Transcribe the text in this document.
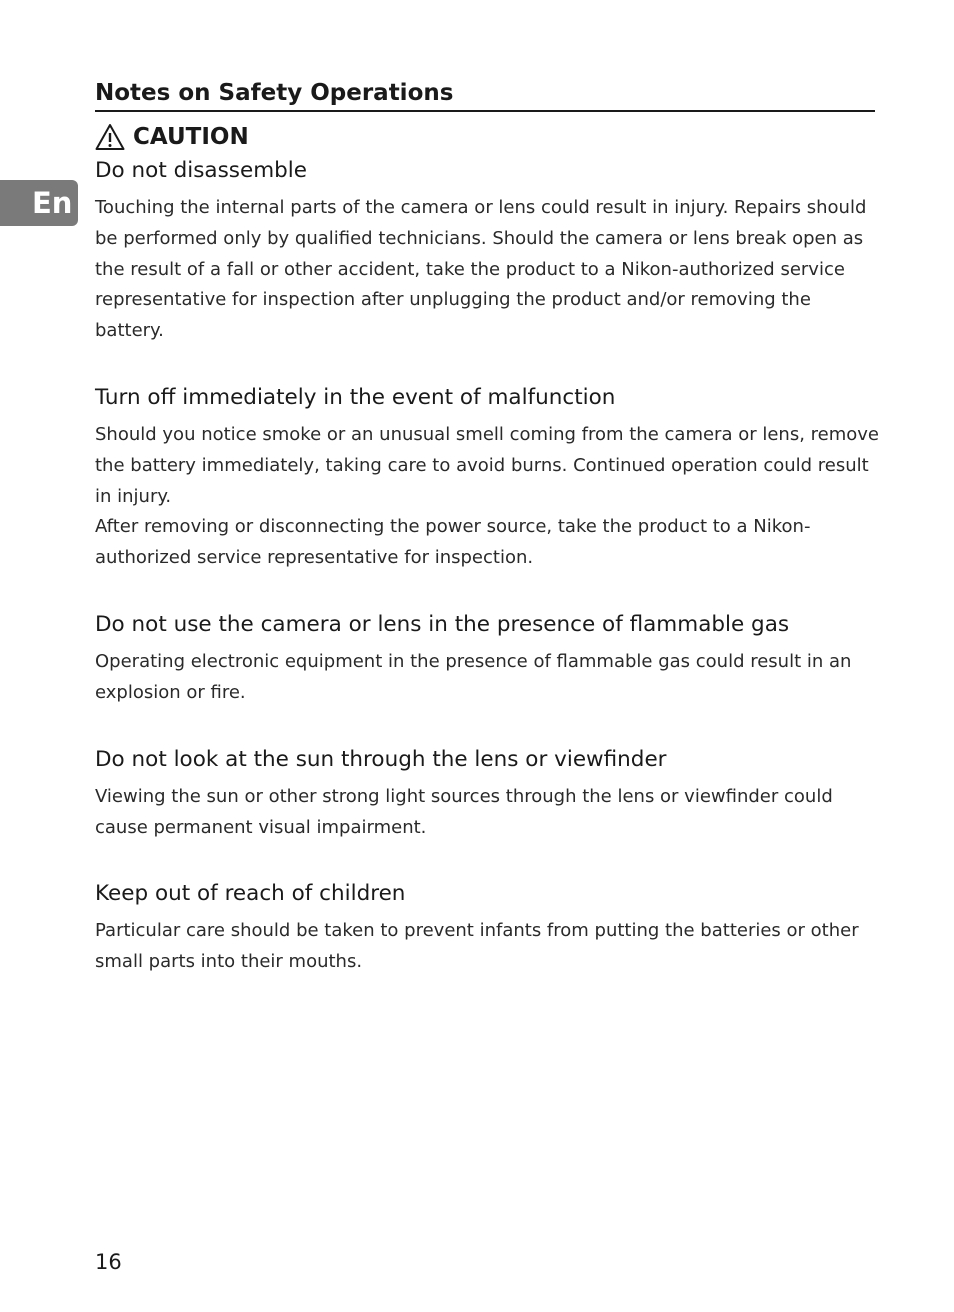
En
Notes on Safety Operations
CAUTION
Do not disassemble

Touching the internal parts of the camera or lens could result in injury. Repairs should be performed only by qualified technicians. Should the camera or lens break open as the result of a fall or other accident, take the product to a Nikon-authorized service representative for inspection after unplugging the product and/or removing the battery.

Turn off immediately in the event of malfunction

Should you notice smoke or an unusual smell coming from the camera or lens, remove the battery immediately, taking care to avoid burns. Continued operation could result in injury.

After removing or disconnecting the power source, take the product to a Nikon-authorized service representative for inspection.

Do not use the camera or lens in the presence of flammable gas

Operating electronic equipment in the presence of flammable gas could result in an explosion or fire.

Do not look at the sun through the lens or viewfinder

Viewing the sun or other strong light sources through the lens or viewfinder could cause permanent visual impairment.

Keep out of reach of children

Particular care should be taken to prevent infants from putting the batteries or other small parts into their mouths.

16
